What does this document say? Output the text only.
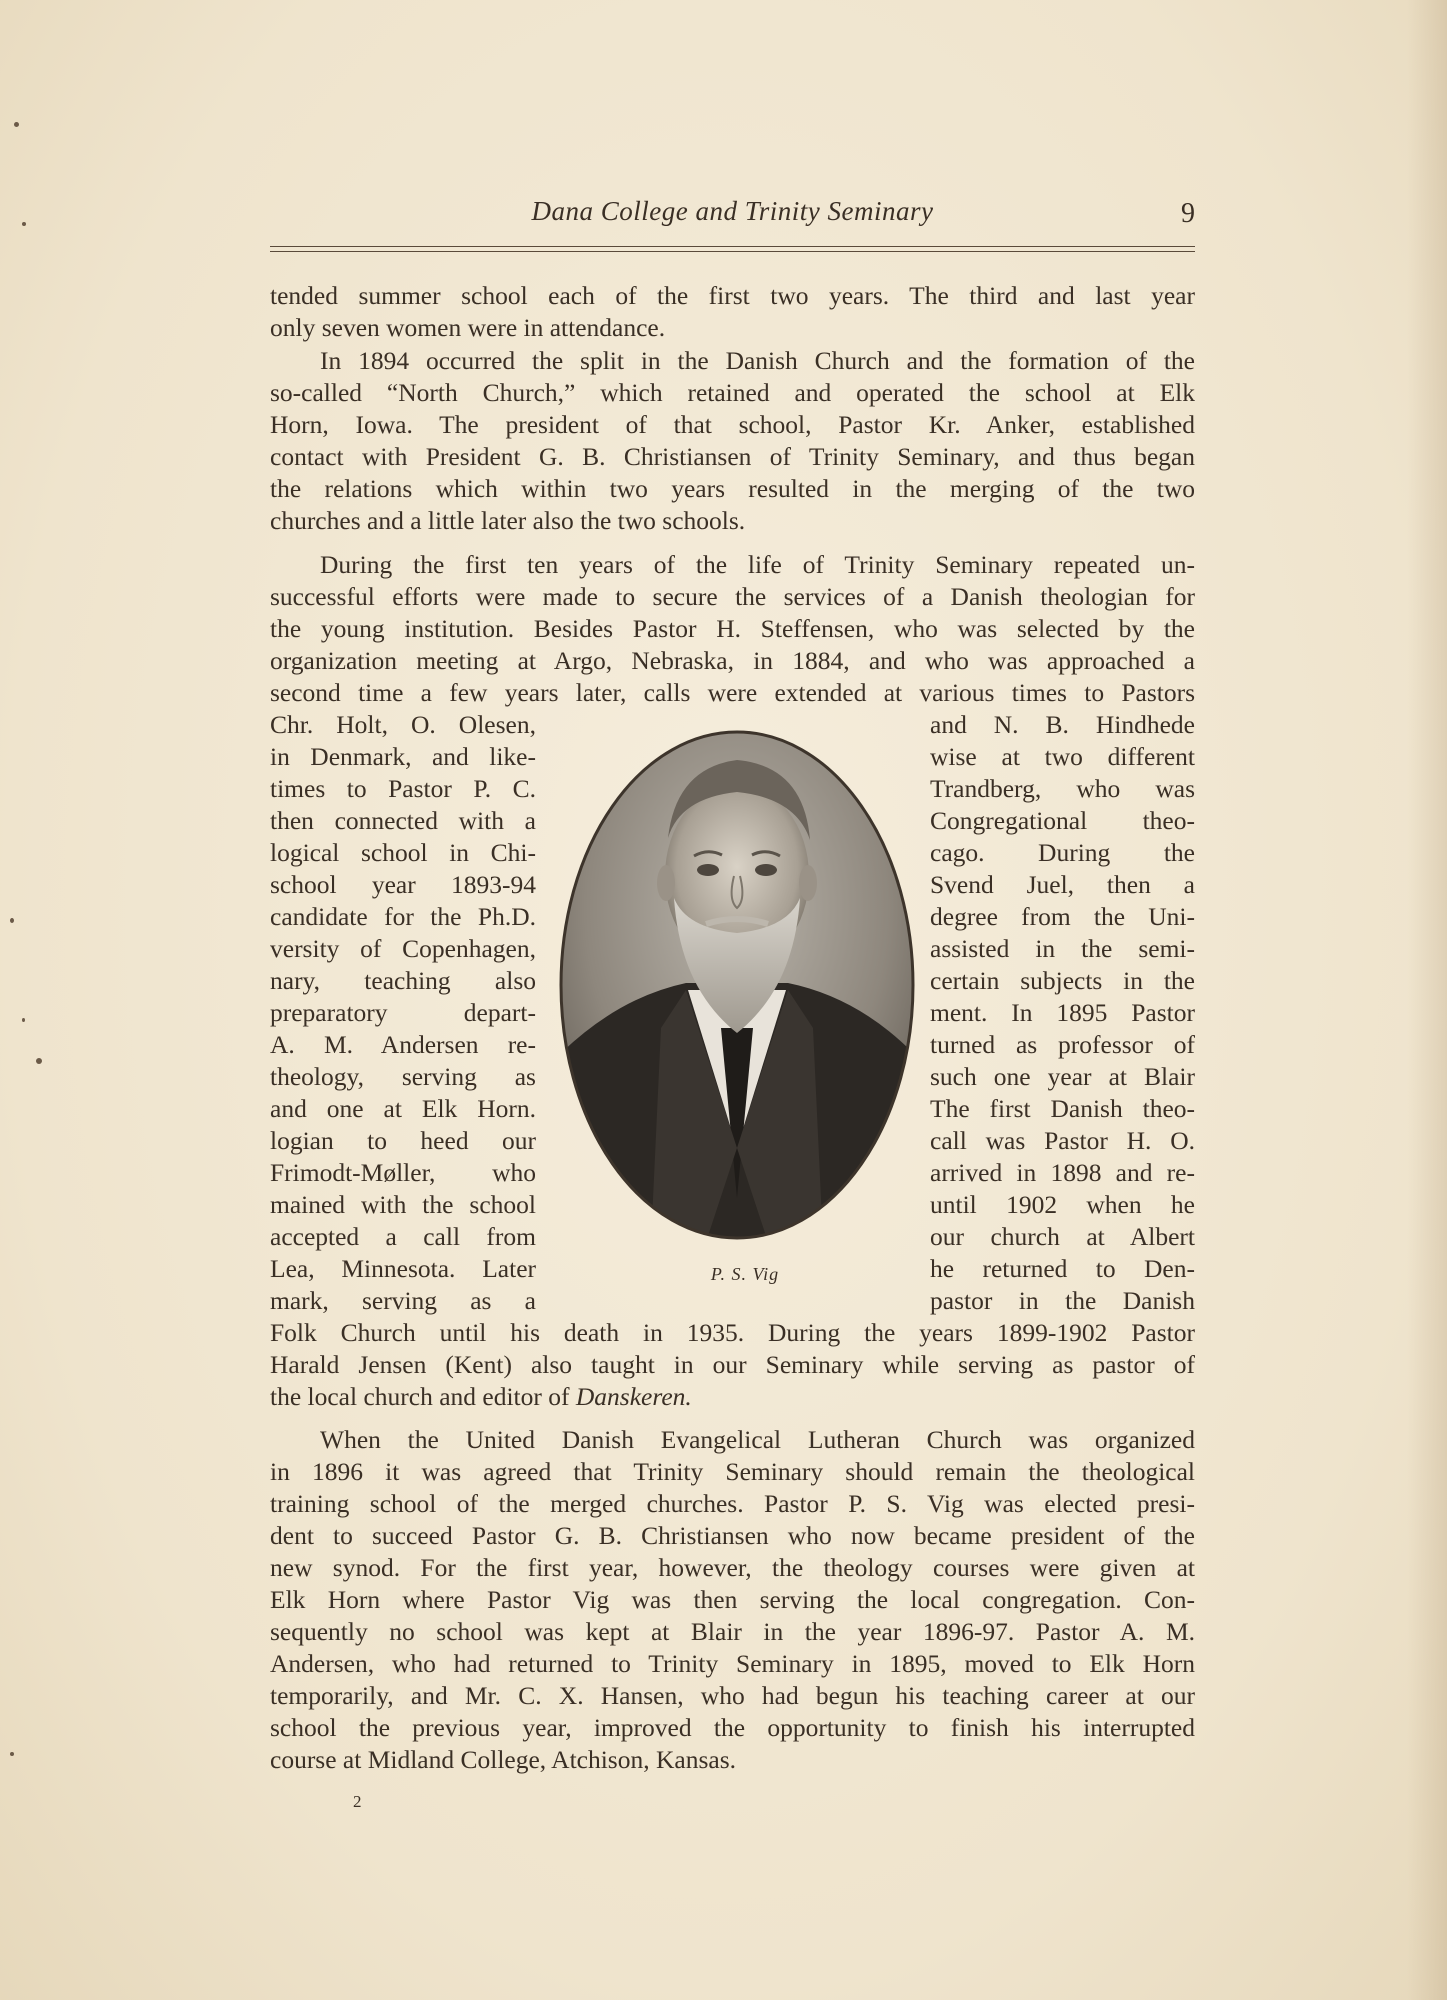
Dana College and Trinity Seminary	9
tended summer school each of the first two years. The third and last year
only seven women were in attendance.
In 1894 occurred the split in the Danish Church and the formation of the
so-called “North Church,” which retained and operated the school at Elk
Horn, Iowa. The president of that school, Pastor Kr. Anker, established
contact with President G. B. Christiansen of Trinity Seminary, and thus began
the relations which within two years resulted in the merging of the two
churches and a little later also the two schools.
During the first ten years of the life of Trinity Seminary repeated un-
successful efforts were made to secure the services of a Danish theologian for
the young institution. Besides Pastor H. Steffensen, who was selected by the
organization meeting at Argo, Nebraska, in 1884, and who was approached a
second time a few years later, calls were extended at various times to Pastors
Chr. Holt, O. Olesen,
in Denmark, and like-
times to Pastor P. C.
then connected with a
logical school in Chi-
school year 1893-94
candidate for the Ph.D.
versity of Copenhagen,
nary, teaching also
preparatory depart-
A. M. Andersen re-
theology, serving as
and one at Elk Horn.
logian to heed our
Frimodt-Møller, who
mained with the school
accepted a call from
Lea, Minnesota. Later
mark, serving as a
and N. B. Hindhede
wise at two different
Trandberg, who was
Congregational theo-
cago. During the
Svend Juel, then a
degree from the Uni-
assisted in the semi-
certain subjects in the
ment. In 1895 Pastor
turned as professor of
such one year at Blair
The first Danish theo-
call was Pastor H. O.
arrived in 1898 and re-
until 1902 when he
our church at Albert
he returned to Den-
pastor in the Danish
Folk Church until his death in 1935. During the years 1899-1902 Pastor
Harald Jensen (Kent) also taught in our Seminary while serving as pastor of
the local church and editor of Danskeren.
When the United Danish Evangelical Lutheran Church was organized
in 1896 it was agreed that Trinity Seminary should remain the theological
training school of the merged churches. Pastor P. S. Vig was elected presi-
dent to succeed Pastor G. B. Christiansen who now became president of the
new synod. For the first year, however, the theology courses were given at
Elk Horn where Pastor Vig was then serving the local congregation. Con-
sequently no school was kept at Blair in the year 1896-97. Pastor A. M.
Andersen, who had returned to Trinity Seminary in 1895, moved to Elk Horn
temporarily, and Mr. C. X. Hansen, who had begun his teaching career at our
school the previous year, improved the opportunity to finish his interrupted
course at Midland College, Atchison, Kansas.
P. S. Vig
2
